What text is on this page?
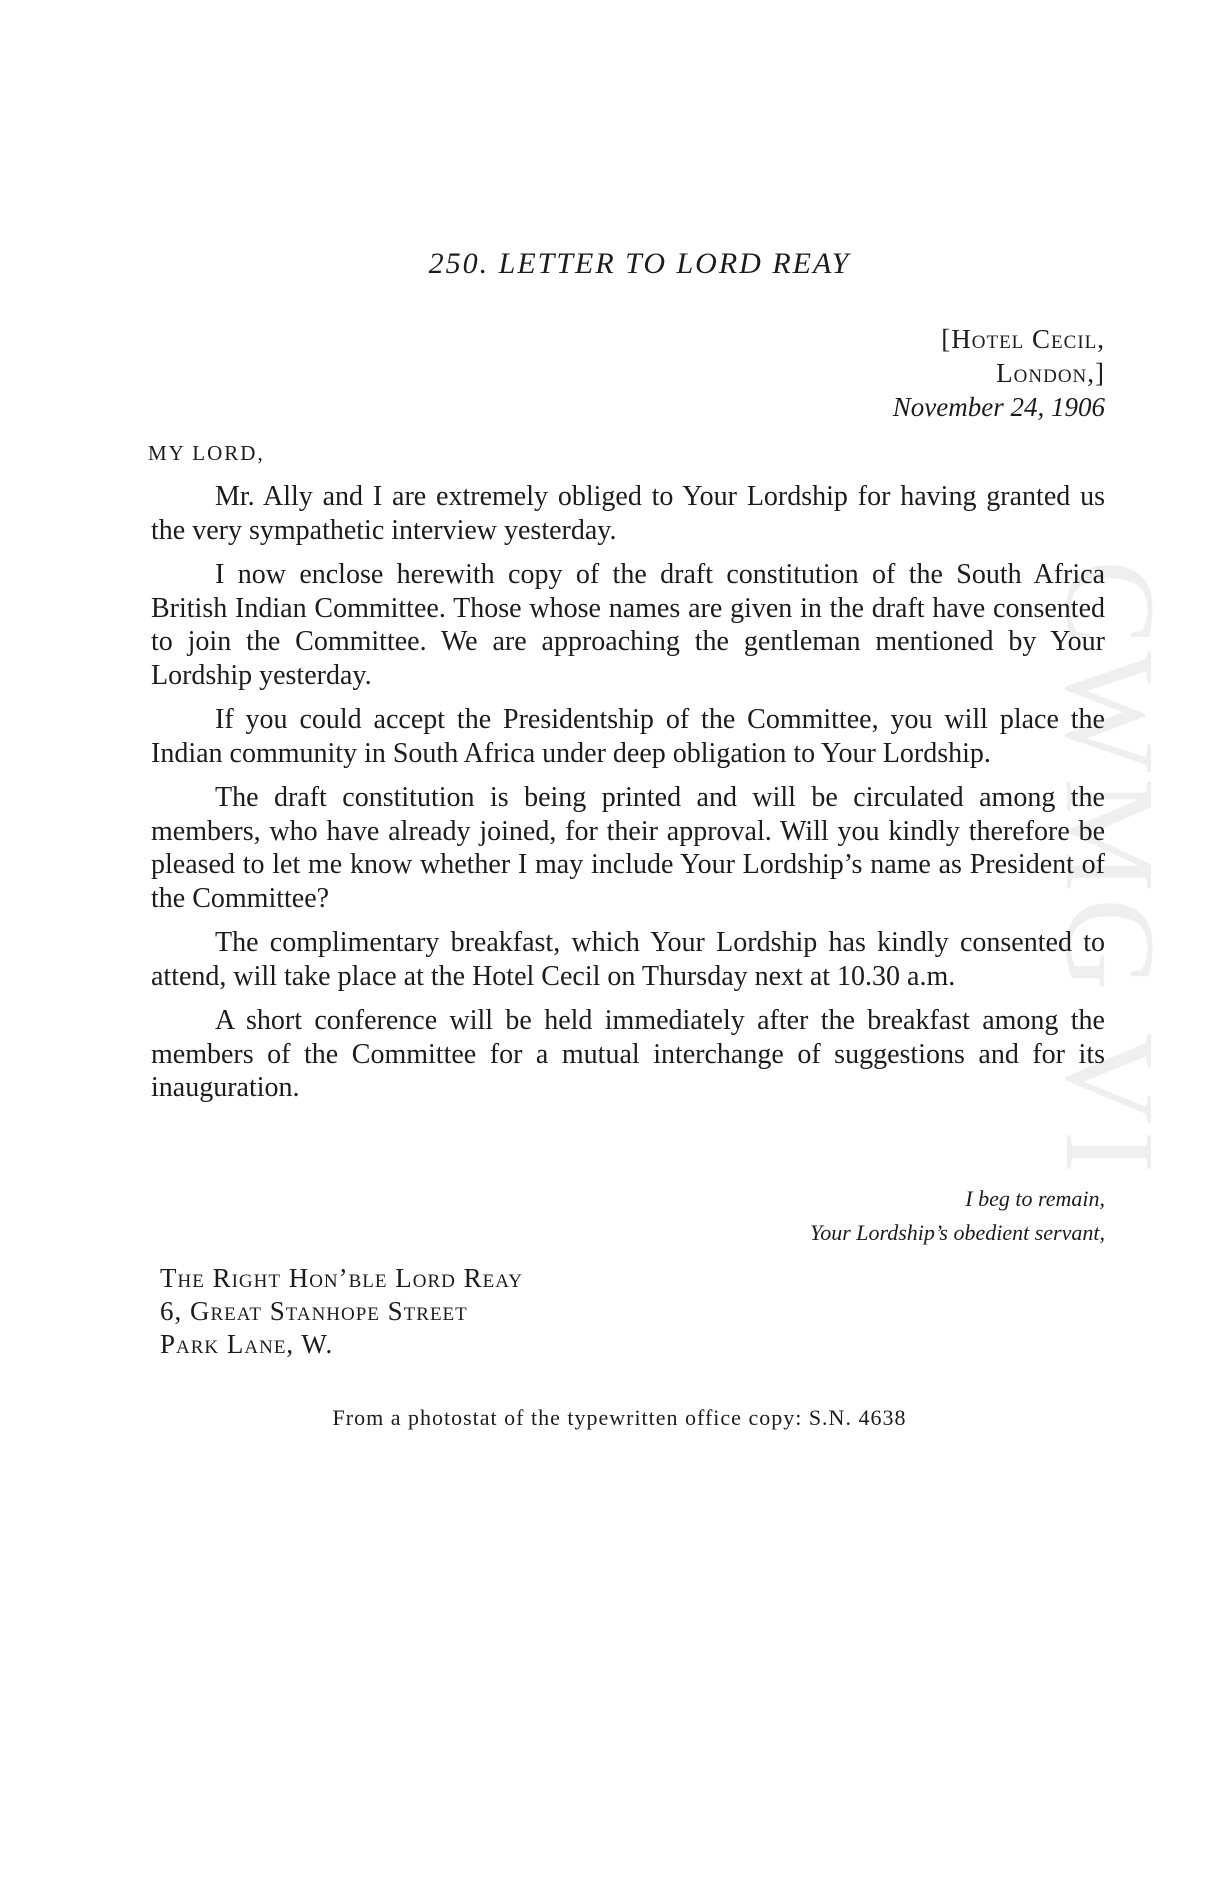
CWMG VI
250. LETTER TO LORD REAY
[Hotel Cecil,
London,]
November 24, 1906
MY LORD,

Mr. Ally and I are extremely obliged to Your Lordship for having granted us the very sympathetic interview yesterday.

I now enclose herewith copy of the draft constitution of the South Africa British Indian Committee. Those whose names are given in the draft have consented to join the Committee. We are approaching the gentleman mentioned by Your Lordship yesterday.

If you could accept the Presidentship of the Committee, you will place the Indian community in South Africa under deep obligation to Your Lordship.

The draft constitution is being printed and will be circulated among the members, who have already joined, for their approval. Will you kindly therefore be pleased to let me know whether I may include Your Lordship’s name as President of the Committee?

The complimentary breakfast, which Your Lordship has kindly consented to attend, will take place at the Hotel Cecil on Thursday next at 10.30 a.m.

A short conference will be held immediately after the breakfast among the members of the Committee for a mutual interchange of suggestions and for its inauguration.

I beg to remain,
Your Lordship’s obedient servant,
The Right Hon’ble Lord Reay
6, Great Stanhope Street
Park Lane, W.
From a photostat of the typewritten office copy: S.N. 4638
